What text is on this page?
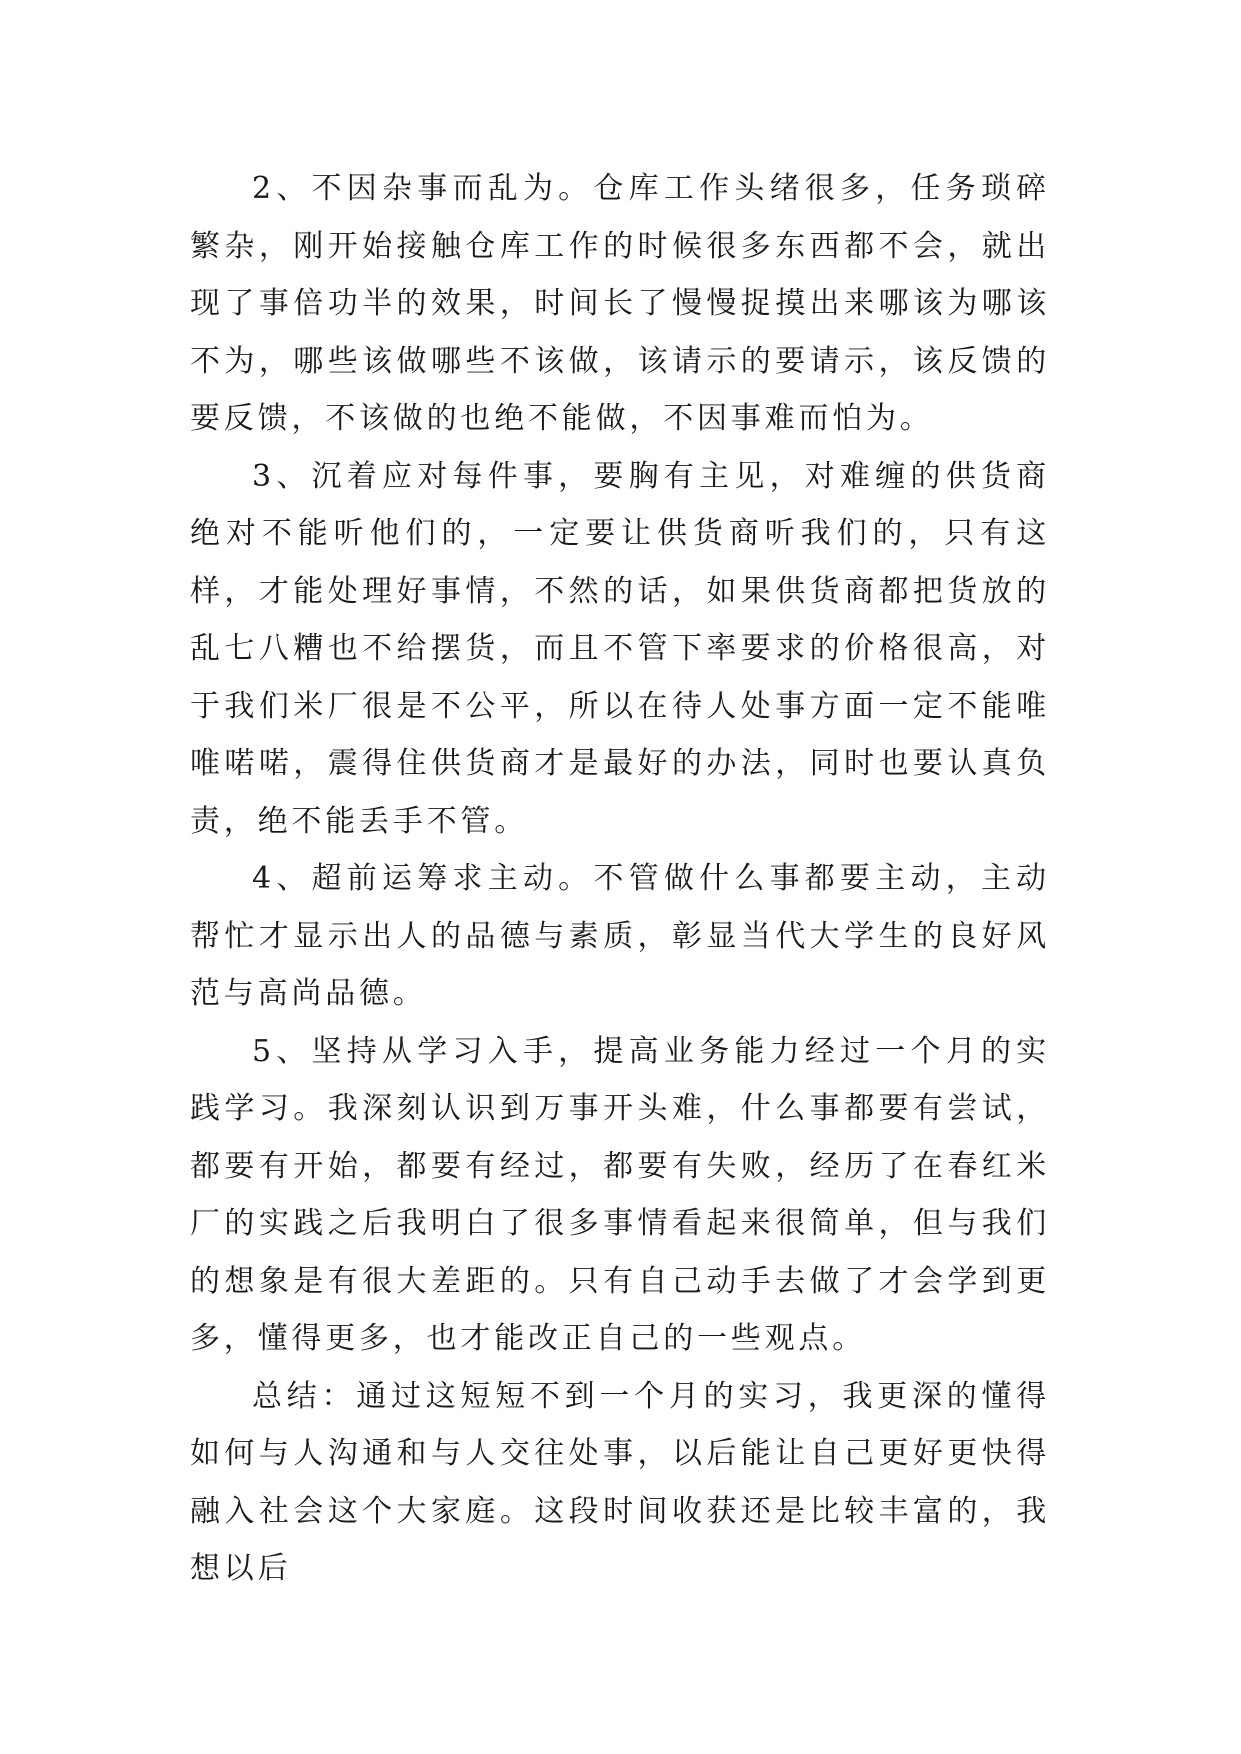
2、不因杂事而乱为。仓库工作头绪很多，任务琐碎繁杂，刚开始接触仓库工作的时候很多东西都不会，就出现了事倍功半的效果，时间长了慢慢捉摸出来哪该为哪该不为，哪些该做哪些不该做，该请示的要请示，该反馈的要反馈，不该做的也绝不能做，不因事难而怕为。

3、沉着应对每件事，要胸有主见，对难缠的供货商绝对不能听他们的，一定要让供货商听我们的，只有这样，才能处理好事情，不然的话，如果供货商都把货放的乱七八糟也不给摆货，而且不管下率要求的价格很高，对于我们米厂很是不公平，所以在待人处事方面一定不能唯唯喏喏，震得住供货商才是最好的办法，同时也要认真负责，绝不能丢手不管。

4、超前运筹求主动。不管做什么事都要主动，主动帮忙才显示出人的品德与素质，彰显当代大学生的良好风范与高尚品德。

5、坚持从学习入手，提高业务能力经过一个月的实践学习。我深刻认识到万事开头难，什么事都要有尝试，都要有开始，都要有经过，都要有失败，经历了在春红米厂的实践之后我明白了很多事情看起来很简单，但与我们的想象是有很大差距的。只有自己动手去做了才会学到更多，懂得更多，也才能改正自己的一些观点。

总结：通过这短短不到一个月的实习，我更深的懂得如何与人沟通和与人交往处事，以后能让自己更好更快得融入社会这个大家庭。这段时间收获还是比较丰富的，我想以后
